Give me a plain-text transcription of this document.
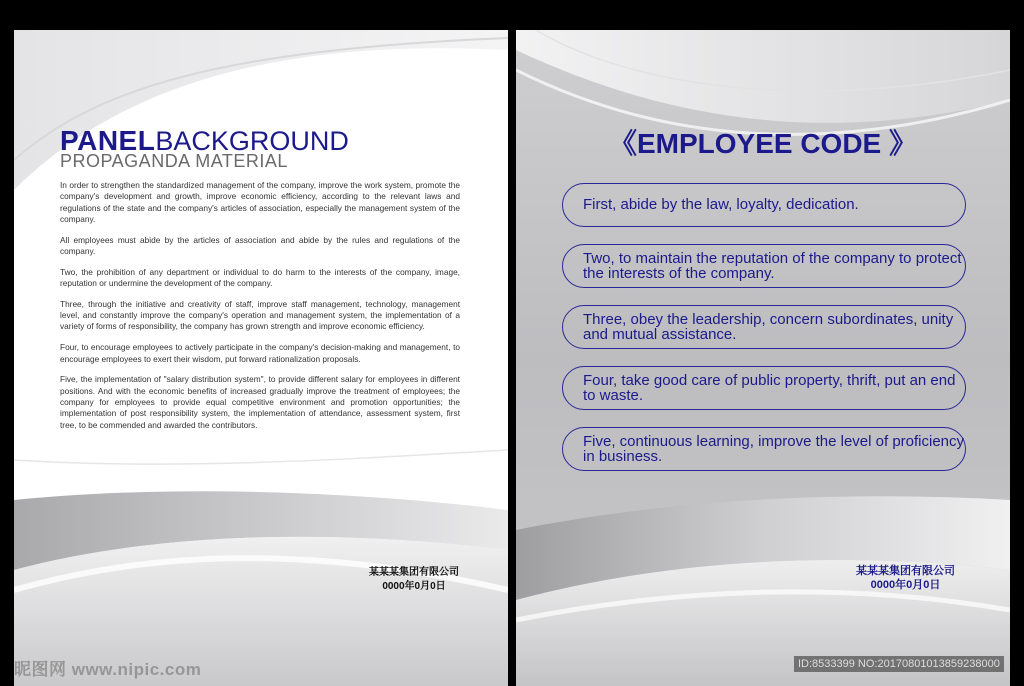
PANELBACKGROUND
PROPAGANDA MATERIAL

In order to strengthen the standardized management of the company, improve the work system, promote the company's development and growth, improve economic efficiency, according to the relevant laws and regulations of the state and the company's articles of association, especially the management system of the company.

All employees must abide by the articles of association and abide by the rules and regulations of the company.

Two, the prohibition of any department or individual to do harm to the interests of the company, image, reputation or undermine the development of the company.

Three, through the initiative and creativity of staff, improve staff management, technology, management level, and constantly improve the company's operation and management system, the implementation of a variety of forms of responsibility, the company has grown strength and improve economic efficiency.

Four, to encourage employees to actively participate in the company's decision-making and management, to encourage employees to exert their wisdom, put forward rationalization proposals.

Five, the implementation of "salary distribution system", to provide different salary for employees in different positions. And with the economic benefits of increased gradually improve the treatment of employees; the company for employees to provide equal competitive environment and promotion opportunities; the implementation of post responsibility system, the implementation of attendance, assessment system, first tree, to be commended and awarded the contributors.

某某某集团有限公司
0000年0月0日
《EMPLOYEE CODE 》
First, abide by the law, loyalty, dedication.
Two, to maintain the reputation of the company to protect the interests of the company.
Three, obey the leadership, concern subordinates, unity and mutual assistance.
Four, take good care of public property, thrift, put an end to waste.
Five, continuous learning, improve the level of proficiency in business.
某某某集团有限公司
0000年0月0日
昵图网 www.nipic.com	ID:8533399 NO:20170801013859238000
